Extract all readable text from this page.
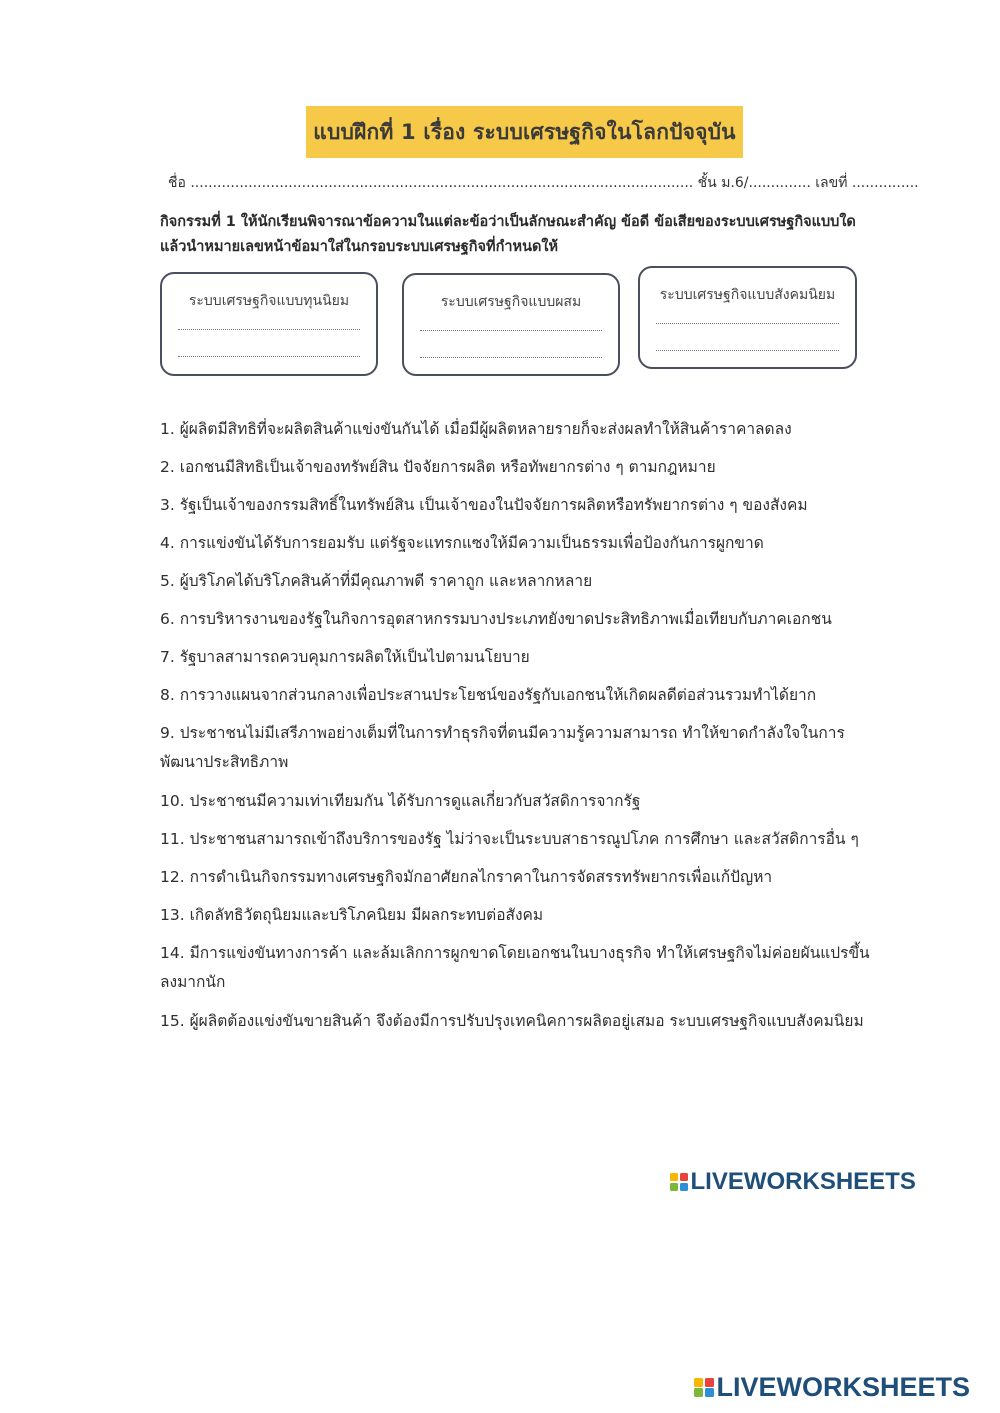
แบบฝึกที่ 1 เรื่อง ระบบเศรษฐกิจในโลกปัจจุบัน
ชื่อ ................................................................................................................. ชั้น ม.6/.............. เลขที่ ...............
กิจกรรมที่ 1 ให้นักเรียนพิจารณาข้อความในแต่ละข้อว่าเป็นลักษณะสำคัญ ข้อดี ข้อเสียของระบบเศรษฐกิจแบบใด แล้วนำหมายเลขหน้าข้อมาใส่ในกรอบระบบเศรษฐกิจที่กำหนดให้
ระบบเศรษฐกิจแบบทุนนิยม	ระบบเศรษฐกิจแบบผสม	ระบบเศรษฐกิจแบบสังคมนิยม
1. ผู้ผลิตมีสิทธิที่จะผลิตสินค้าแข่งขันกันได้ เมื่อมีผู้ผลิตหลายรายก็จะส่งผลทำให้สินค้าราคาลดลง
2. เอกชนมีสิทธิเป็นเจ้าของทรัพย์สิน ปัจจัยการผลิต หรือทัพยากรต่าง ๆ ตามกฎหมาย
3. รัฐเป็นเจ้าของกรรมสิทธิ์ในทรัพย์สิน เป็นเจ้าของในปัจจัยการผลิตหรือทรัพยากรต่าง ๆ ของสังคม
4. การแข่งขันได้รับการยอมรับ แต่รัฐจะแทรกแซงให้มีความเป็นธรรมเพื่อป้องกันการผูกขาด
5. ผู้บริโภคได้บริโภคสินค้าที่มีคุณภาพดี ราคาถูก และหลากหลาย
6. การบริหารงานของรัฐในกิจการอุตสาหกรรมบางประเภทยังขาดประสิทธิภาพเมื่อเทียบกับภาคเอกชน
7. รัฐบาลสามารถควบคุมการผลิตให้เป็นไปตามนโยบาย
8. การวางแผนจากส่วนกลางเพื่อประสานประโยชน์ของรัฐกับเอกชนให้เกิดผลดีต่อส่วนรวมทำได้ยาก
9. ประชาชนไม่มีเสรีภาพอย่างเต็มที่ในการทำธุรกิจที่ตนมีความรู้ความสามารถ ทำให้ขาดกำลังใจในการพัฒนาประสิทธิภาพ
10. ประชาชนมีความเท่าเทียมกัน ได้รับการดูแลเกี่ยวกับสวัสดิการจากรัฐ
11. ประชาชนสามารถเข้าถึงบริการของรัฐ ไม่ว่าจะเป็นระบบสาธารณูปโภค การศึกษา และสวัสดิการอื่น ๆ
12. การดำเนินกิจกรรมทางเศรษฐกิจมักอาศัยกลไกราคาในการจัดสรรทรัพยากรเพื่อแก้ปัญหา
13. เกิดลัทธิวัตถุนิยมและบริโภคนิยม มีผลกระทบต่อสังคม
14. มีการแข่งขันทางการค้า และล้มเลิกการผูกขาดโดยเอกชนในบางธุรกิจ ทำให้เศรษฐกิจไม่ค่อยผันแปรขึ้นลงมากนัก
15. ผู้ผลิตต้องแข่งขันขายสินค้า จึงต้องมีการปรับปรุงเทคนิคการผลิตอยู่เสมอ ระบบเศรษฐกิจแบบสังคมนิยม
LIVEWORKSHEETS
LIVEWORKSHEETS
